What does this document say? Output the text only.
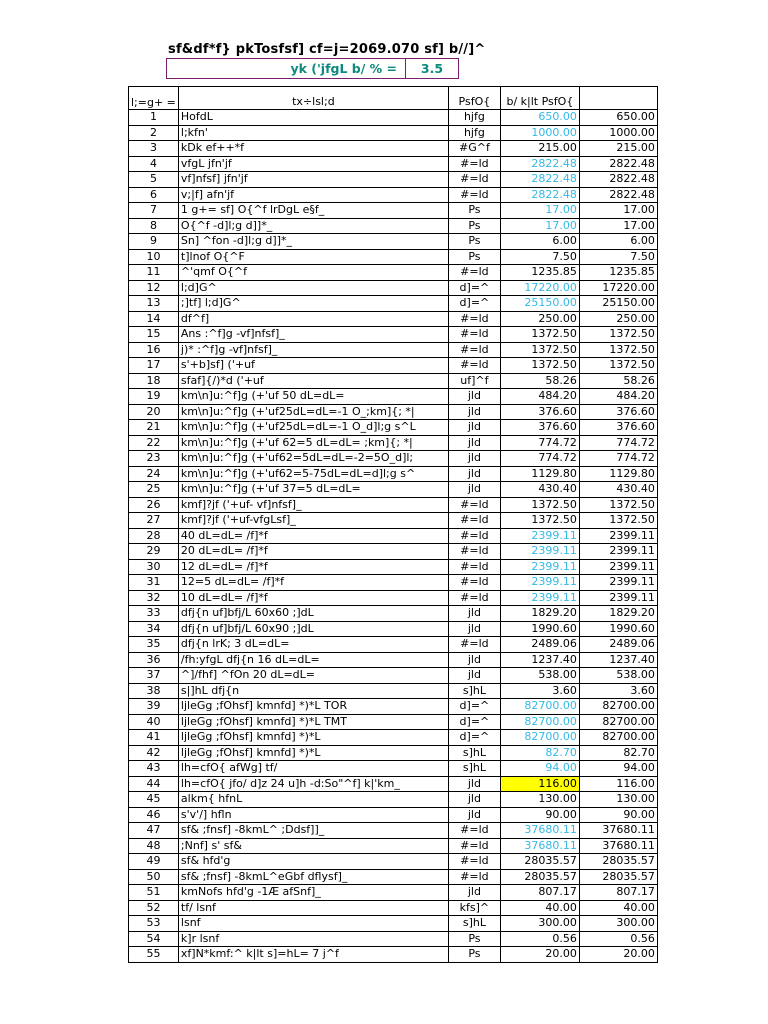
sf&df*f} pkTosfsf] cf=j=2069.070 sf] b//]^
yk ('jfgL b/ % =	3.5
l;=g+ =	tx÷lsl;d	PsfO{	b/ k|lt PsfO{	
1	HofdL	hjfg	650.00	650.00
2	l;kfn'	hjfg	1000.00	1000.00
3	kDk ef++*f	#G^f	215.00	215.00
4	vfgL jfn'jf	#=ld	2822.48	2822.48
5	vf]nfsf] jfn'jf	#=ld	2822.48	2822.48
6	v;|f] afn'jf	#=ld	2822.48	2822.48
7	1 g+= sf] O{^f lrDgL e§f_	Ps	17.00	17.00
8	O{^f -d]l;g d]]*_	Ps	17.00	17.00
9	Sn] ^fon -d]l;g d]]*_	Ps	6.00	6.00
10	t]lnof O{^F	Ps	7.50	7.50
11	^'qmf O{^f	#=ld	1235.85	1235.85
12	l;d]G^	d]=^	17220.00	17220.00
13	;]tf] l;d]G^	d]=^	25150.00	25150.00
14	df^f]	#=ld	250.00	250.00
15	Ans :^f]g -vf]nfsf]_	#=ld	1372.50	1372.50
16	j)* :^f]g -vf]nfsf]_	#=ld	1372.50	1372.50
17	s'+b]sf] ('+uf	#=ld	1372.50	1372.50
18	sfaf]{/)*d ('+uf	uf]^f	58.26	58.26
19	km\n]u:^f]g (+'uf 50 dL=dL=	jld	484.20	484.20
20	km\n]u:^f]g (+'uf25dL=dL=-1 O_;km]{; *|	jld	376.60	376.60
21	km\n]u:^f]g (+'uf25dL=dL=-1 O_d]l;g s^L	jld	376.60	376.60
22	km\n]u:^f]g (+'uf 62=5 dL=dL= ;km]{; *|	jld	774.72	774.72
23	km\n]u:^f]g (+'uf62=5dL=dL=-2=5O_d]l;	jld	774.72	774.72
24	km\n]u:^f]g (+'uf62=5-75dL=dL=d]l;g s^	jld	1129.80	1129.80
25	km\n]u:^f]g (+'uf 37=5 dL=dL=	jld	430.40	430.40
26	kmf]?jf ('+uf- vf]nfsf]_	#=ld	1372.50	1372.50
27	kmf]?jf ('+uf-vfgLsf]_	#=ld	1372.50	1372.50
28	40 dL=dL= /f]*f	#=ld	2399.11	2399.11
29	20 dL=dL= /f]*f	#=ld	2399.11	2399.11
30	12 dL=dL= /f]*f	#=ld	2399.11	2399.11
31	12=5 dL=dL= /f]*f	#=ld	2399.11	2399.11
32	10 dL=dL= /f]*f	#=ld	2399.11	2399.11
33	dfj{n uf]bfj/L 60x60 ;]dL	jld	1829.20	1829.20
34	dfj{n uf]bfj/L 60x90 ;]dL	jld	1990.60	1990.60
35	dfj{n lrK; 3 dL=dL=	#=ld	2489.06	2489.06
36	/fh:yfgL dfj{n 16 dL=dL=	jld	1237.40	1237.40
37	^]/fhf] ^fOn 20 dL=dL=	jld	538.00	538.00
38	s|]hL dfj{n	s]hL	3.60	3.60
39	ljleGg ;fOhsf] kmnfd] *)*L TOR	d]=^	82700.00	82700.00
40	ljleGg ;fOhsf] kmnfd] *)*L TMT	d]=^	82700.00	82700.00
41	ljleGg ;fOhsf] kmnfd] *)*L	d]=^	82700.00	82700.00
42	ljleGg ;fOhsf] kmnfd] *)*L	s]hL	82.70	82.70
43	lh=cfO{ afWg] tf/	s]hL	94.00	94.00
44	lh=cfO{ jfo/ d]z 24 u]h -d:So"^f] k|'km_	jld	116.00	116.00
45	alkm{ hfnL	jld	130.00	130.00
46	s'v'/] hfln	jld	90.00	90.00
47	sf& ;fnsf] -8kmL^ ;Ddsf]]_	#=ld	37680.11	37680.11
48	;Nnf] s' sf&	#=ld	37680.11	37680.11
49	sf& hfd'g	#=ld	28035.57	28035.57
50	sf& ;fnsf] -8kmL^eGbf dflysf]_	#=ld	28035.57	28035.57
51	kmNofs hfd'g -1Æ afSnf]_	jld	807.17	807.17
52	tf/ lsnf	kfs]^	40.00	40.00
53	lsnf	s]hL	300.00	300.00
54	k]r lsnf	Ps	0.56	0.56
55	xf]N*kmf:^ k|lt s]=hL= 7 j^f	Ps	20.00	20.00
